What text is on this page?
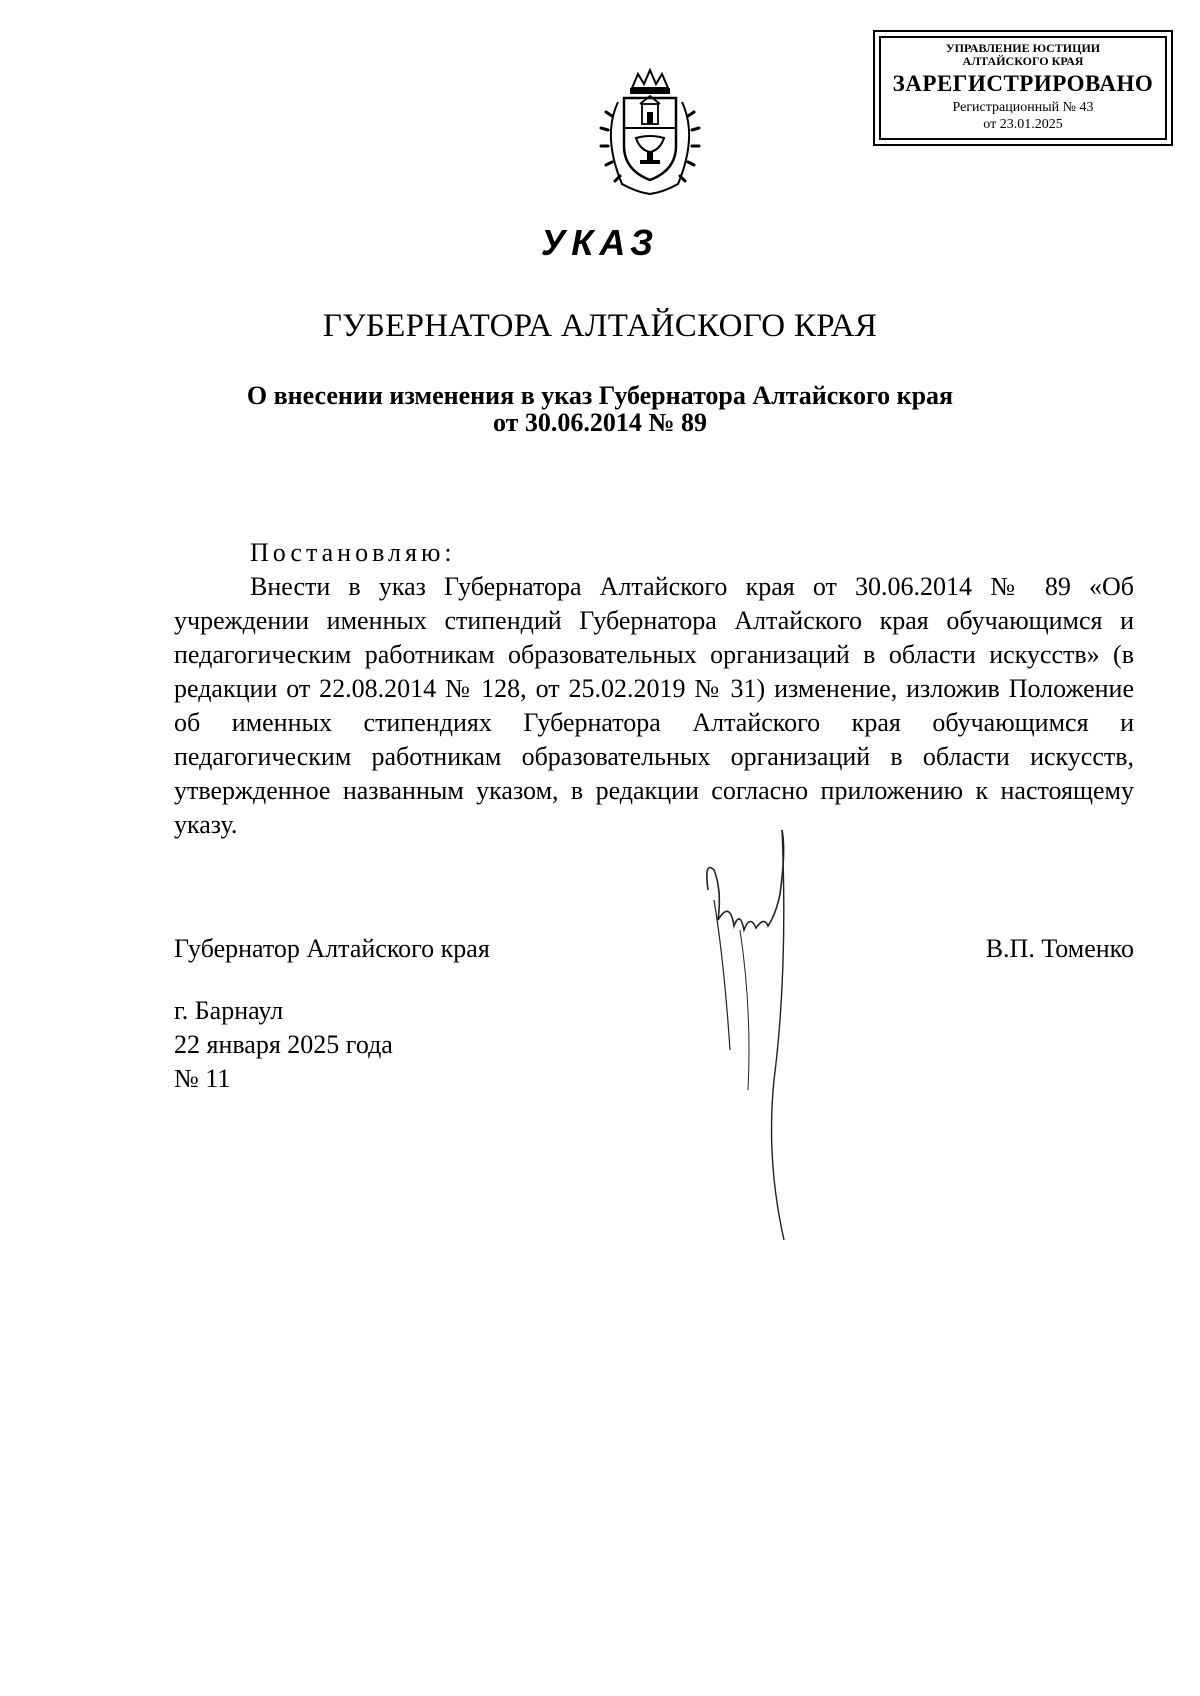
УПРАВЛЕНИЕ ЮСТИЦИИ
АЛТАЙСКОГО КРАЯ
ЗАРЕГИСТРИРОВАНО
Регистрационный № 43
от 23.01.2025
УКАЗ
ГУБЕРНАТОРА АЛТАЙСКОГО КРАЯ
О внесении изменения в указ Губернатора Алтайского края
от 30.06.2014 № 89
Постановляю:

Внести в указ Губернатора Алтайского края от 30.06.2014 № 89 «Об учреждении именных стипендий Губернатора Алтайского края обучающимся и педагогическим работникам образовательных организаций в области искусств» (в редакции от 22.08.2014 № 128, от 25.02.2019 № 31) изменение, изложив Положение об именных стипендиях Губернатора Алтайского края обучающимся и педагогическим работникам образовательных организаций в области искусств, утвержденное названным указом, в редакции согласно приложению к настоящему указу.

Губернатор Алтайского края	В.П. Томенко
г. Барнаул
22 января 2025 года
№ 11
